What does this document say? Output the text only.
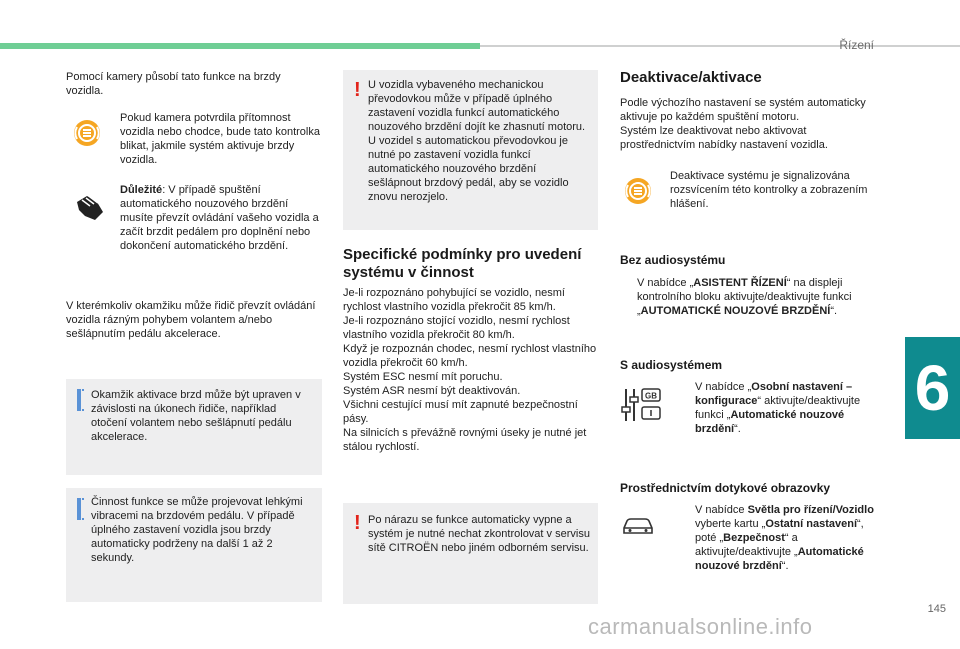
Řízení
6
145
carmanualsonline.info
Pomocí kamery působí tato funkce na brzdy vozidla.
Pokud kamera potvrdila přítomnost vozidla nebo chodce, bude tato kontrolka blikat, jakmile systém aktivuje brzdy vozidla.
Důležité: V případě spuštění automatického nouzového brzdění musíte převzít ovládání vašeho vozidla a začít brzdit pedálem pro doplnění nebo dokončení automatického brzdění.
V kterémkoliv okamžiku může řidič převzít ovládání vozidla rázným pohybem volantem a/nebo sešlápnutím pedálu akcelerace.
Okamžik aktivace brzd může být upraven v závislosti na úkonech řidiče, například otočení volantem nebo sešlápnutí pedálu akcelerace.
Činnost funkce se může projevovat lehkými vibracemi na brzdovém pedálu. V případě úplného zastavení vozidla jsou brzdy automaticky podrženy na další 1 až 2 sekundy.
! U vozidla vybaveného mechanickou převodovkou může v případě úplného zastavení vozidla funkcí automatického nouzového brzdění dojít ke zhasnutí motoru.
U vozidel s automatickou převodovkou je nutné po zastavení vozidla funkcí automatického nouzového brzdění sešlápnout brzdový pedál, aby se vozidlo znovu nerozjelo.
Specifické podmínky pro uvedení systému v činnost
Je-li rozpoznáno pohybující se vozidlo, nesmí rychlost vlastního vozidla překročit 85 km/h.
Je-li rozpoznáno stojící vozidlo, nesmí rychlost vlastního vozidla překročit 80 km/h.
Když je rozpoznán chodec, nesmí rychlost vlastního vozidla překročit 60 km/h.
Systém ESC nesmí mít poruchu.
Systém ASR nesmí být deaktivován.
Všichni cestující musí mít zapnuté bezpečnostní pásy.
Na silnicích s převážně rovnými úseky je nutné jet stálou rychlostí.
! Po nárazu se funkce automaticky vypne a systém je nutné nechat zkontrolovat v servisu sítě CITROËN nebo jiném odborném servisu.
Deaktivace/aktivace
Podle výchozího nastavení se systém automaticky aktivuje po každém spuštění motoru.
Systém lze deaktivovat nebo aktivovat prostřednictvím nabídky nastavení vozidla.
Deaktivace systému je signalizována rozsvícením této kontrolky a zobrazením hlášení.
Bez audiosystému
V nabídce „ASISTENT ŘÍZENÍ“ na displeji kontrolního bloku aktivujte/deaktivujte funkci „AUTOMATICKÉ NOUZOVÉ BRZDĚNÍ“.
S audiosystémem
GB
V nabídce „Osobní nastavení – konfigurace“ aktivujte/deaktivujte funkci „Automatické nouzové brzdění“.
Prostřednictvím dotykové obrazovky
V nabídce Světla pro řízení/Vozidlo vyberte kartu „Ostatní nastavení“, poté „Bezpečnost“ a aktivujte/deaktivujte „Automatické nouzové brzdění“.
